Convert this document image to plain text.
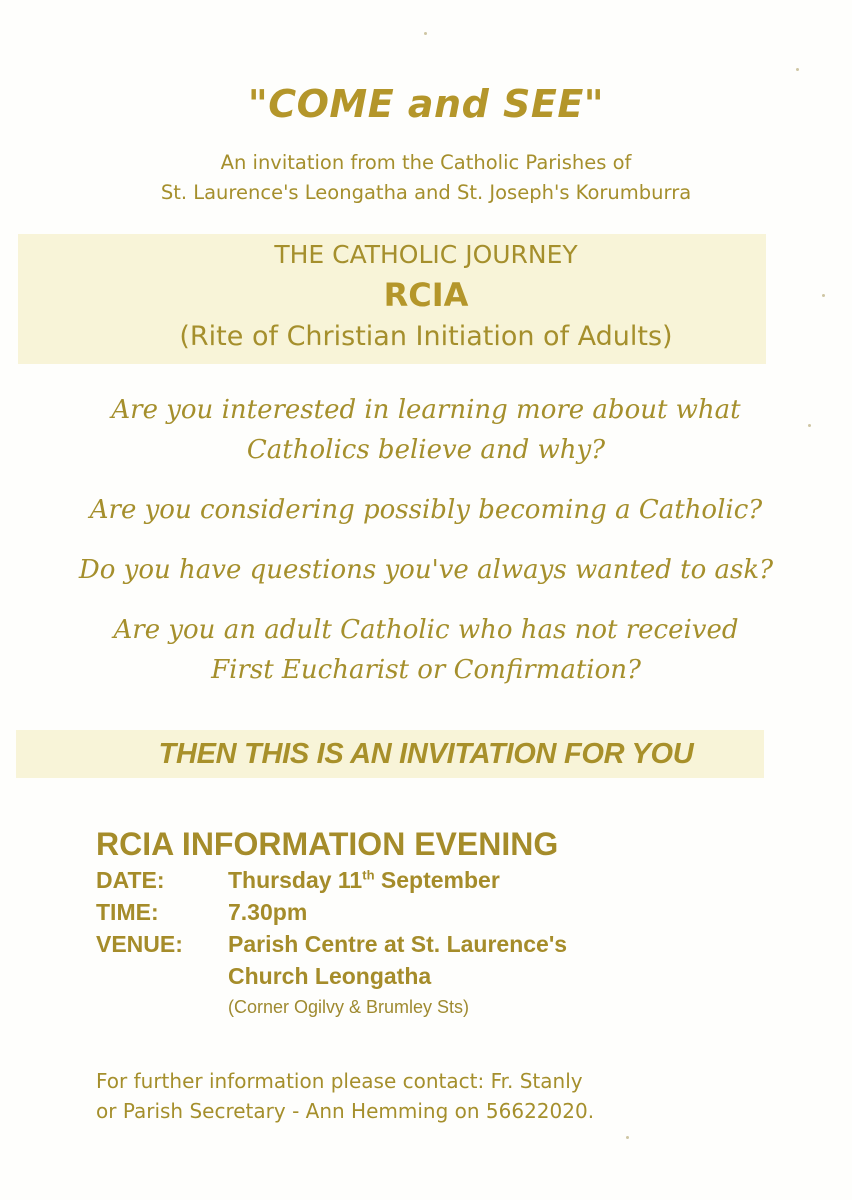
"COME and SEE"
An invitation from the Catholic Parishes of
St. Laurence's Leongatha and St. Joseph's Korumburra
THE CATHOLIC JOURNEY
RCIA
(Rite of Christian Initiation of Adults)
Are you interested in learning more about what
Catholics believe and why?
Are you considering possibly becoming a Catholic?
Do you have questions you've always wanted to ask?
Are you an adult Catholic who has not received
First Eucharist or Confirmation?
THEN THIS IS AN INVITATION FOR YOU
RCIA INFORMATION EVENING
DATE:	Thursday 11th September
TIME:	7.30pm
VENUE:	Parish Centre at St. Laurence's
Church Leongatha
(Corner Ogilvy & Brumley Sts)
For further information please contact: Fr. Stanly
or Parish Secretary - Ann Hemming on 56622020.
